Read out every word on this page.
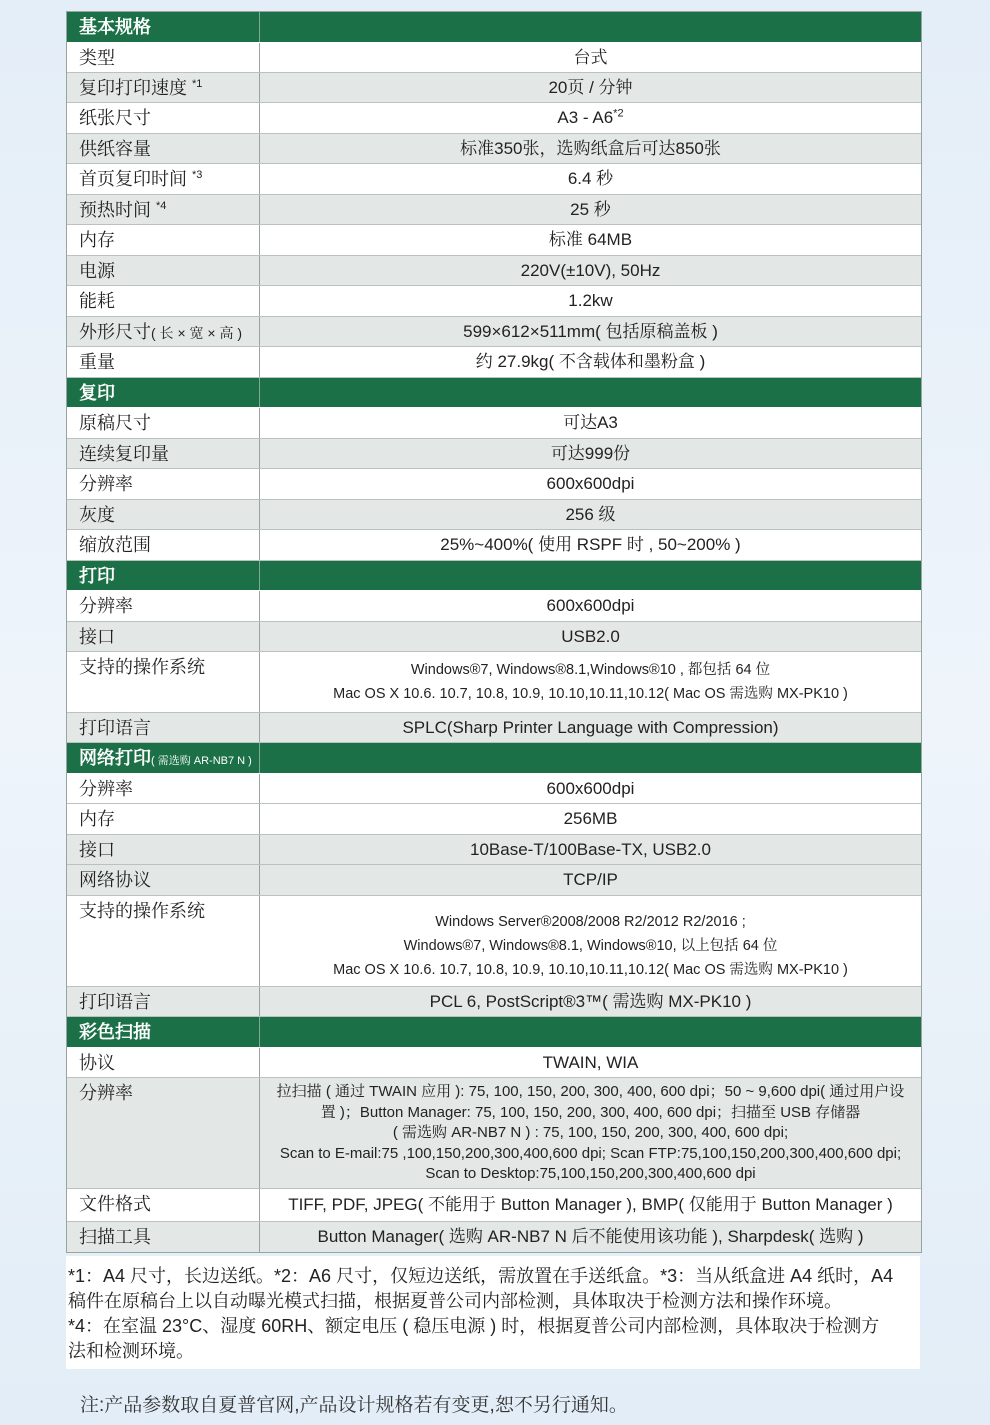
基本规格
类型	台式
复印打印速度 $^{*1}$	20页 / 分钟
纸张尺寸	A3 - A6$^{*2}$
供纸容量	标准350张，选购纸盒后可达850张
首页复印时间 $^{*3}$	6.4 秒
预热时间 $^{*4}$	25 秒
内存	标准 64MB
电源	220V(±10V), 50Hz
能耗	1.2kw
外形尺寸( 长 × 宽 × 高 )	599×612×511mm( 包括原稿盖板 )
重量	约 27.9kg( 不含载体和墨粉盒 )
复印
原稿尺寸	可达A3
连续复印量	可达999份
分辨率	600x600dpi
灰度	256 级
缩放范围	25%~400%( 使用 RSPF 时 , 50~200% )
打印
分辨率	600x600dpi
接口	USB2.0
支持的操作系统	Windows®7, Windows®8.1,Windows®10 , 都包括 64 位
Mac OS X 10.6. 10.7, 10.8, 10.9, 10.10,10.11,10.12( Mac OS 需选购 MX-PK10 )
打印语言	SPLC(Sharp Printer Language with Compression)
网络打印( 需选购 AR-NB7 N )
分辨率	600x600dpi
内存	256MB
接口	10Base-T/100Base-TX, USB2.0
网络协议	TCP/IP
支持的操作系统
Windows Server®2008/2008 R2/2012 R2/2016 ;
Windows®7, Windows®8.1, Windows®10, 以上包括 64 位
Mac OS X 10.6. 10.7, 10.8, 10.9, 10.10,10.11,10.12( Mac OS 需选购 MX-PK10 )
打印语言	PCL 6, PostScript®3™( 需选购 MX-PK10 )
彩色扫描
协议	TWAIN, WIA
分辨率	拉扫描 ( 通过 TWAIN 应用 ): 75, 100, 150, 200, 300, 400, 600 dpi；50 ~ 9,600 dpi( 通过用户设
置 )；Button Manager: 75, 100, 150, 200, 300, 400, 600 dpi；扫描至 USB 存储器
( 需选购 AR-NB7 N ) : 75, 100, 150, 200, 300, 400, 600 dpi;
Scan to E-mail:75 ,100,150,200,300,400,600 dpi; Scan FTP:75,100,150,200,300,400,600 dpi;
Scan to Desktop:75,100,150,200,300,400,600 dpi
文件格式	TIFF, PDF, JPEG( 不能用于 Button Manager ), BMP( 仅能用于 Button Manager )
扫描工具	Button Manager( 选购 AR-NB7 N 后不能使用该功能 ), Sharpdesk( 选购 )

*1：A4 尺寸，长边送纸。*2：A6 尺寸，仅短边送纸，需放置在手送纸盒。*3：当从纸盒进 A4 纸时，A4

稿件在原稿台上以自动曝光模式扫描，根据夏普公司内部检测，具体取决于检测方法和操作环境。

*4：在室温 23°C、湿度 60RH、额定电压 ( 稳压电源 ) 时，根据夏普公司内部检测，具体取决于检测方

法和检测环境。

注:产品参数取自夏普官网,产品设计规格若有变更,恕不另行通知。
